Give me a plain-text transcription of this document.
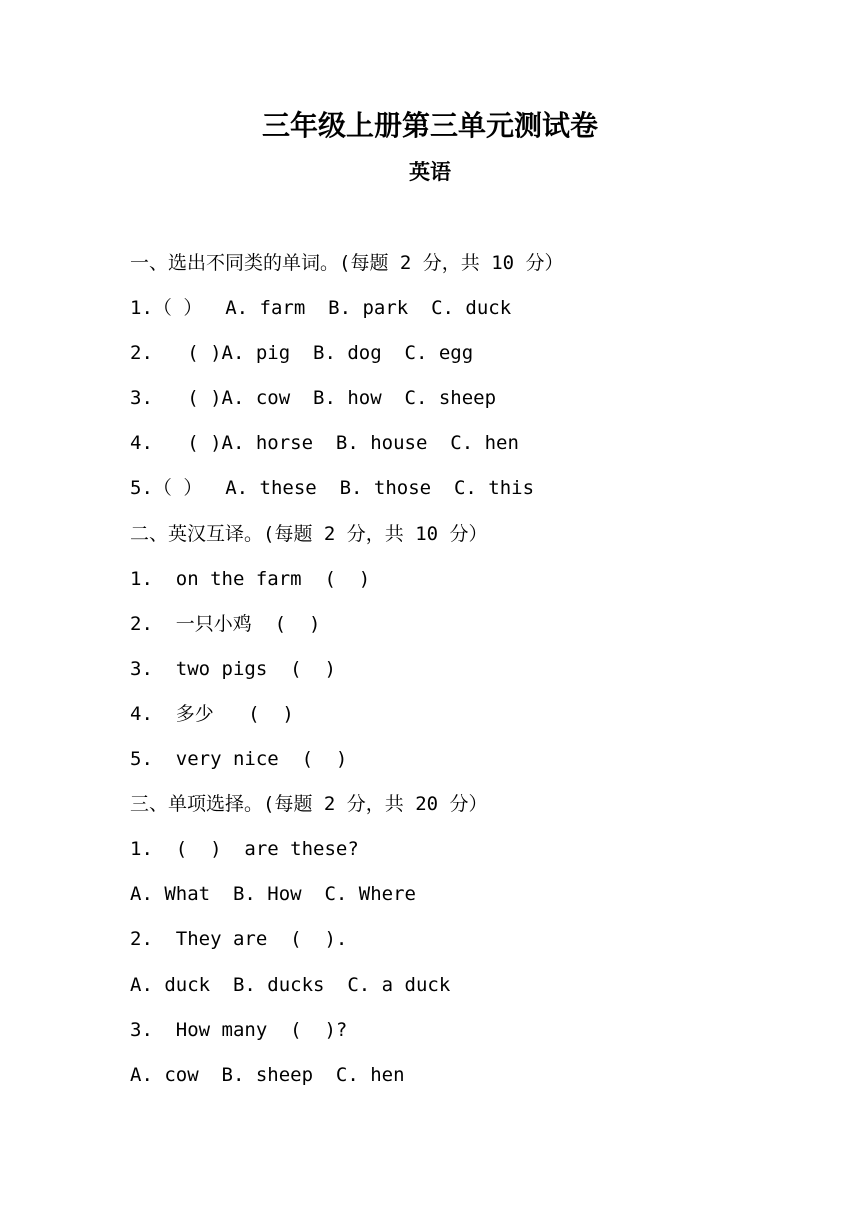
三年级上册第三单元测试卷
英语
一、选出不同类的单词。(每题 2 分，共 10 分）
1.（ ）  A. farm  B. park  C. duck
2.   ( )A. pig  B. dog  C. egg
3.   ( )A. cow  B. how  C. sheep
4.   ( )A. horse  B. house  C. hen
5.（ ）  A. these  B. those  C. this
二、英汉互译。(每题 2 分，共 10 分）
1.  on the farm  (  )
2.  一只小鸡  (  )
3.  two pigs  (  )
4.  多少   (  )
5.  very nice  (  )
三、单项选择。(每题 2 分，共 20 分）
1.  (  )  are these?
A. What  B. How  C. Where
2.  They are  (  ).
A. duck  B. ducks  C. a duck
3.  How many  (  )?
A. cow  B. sheep  C. hen
